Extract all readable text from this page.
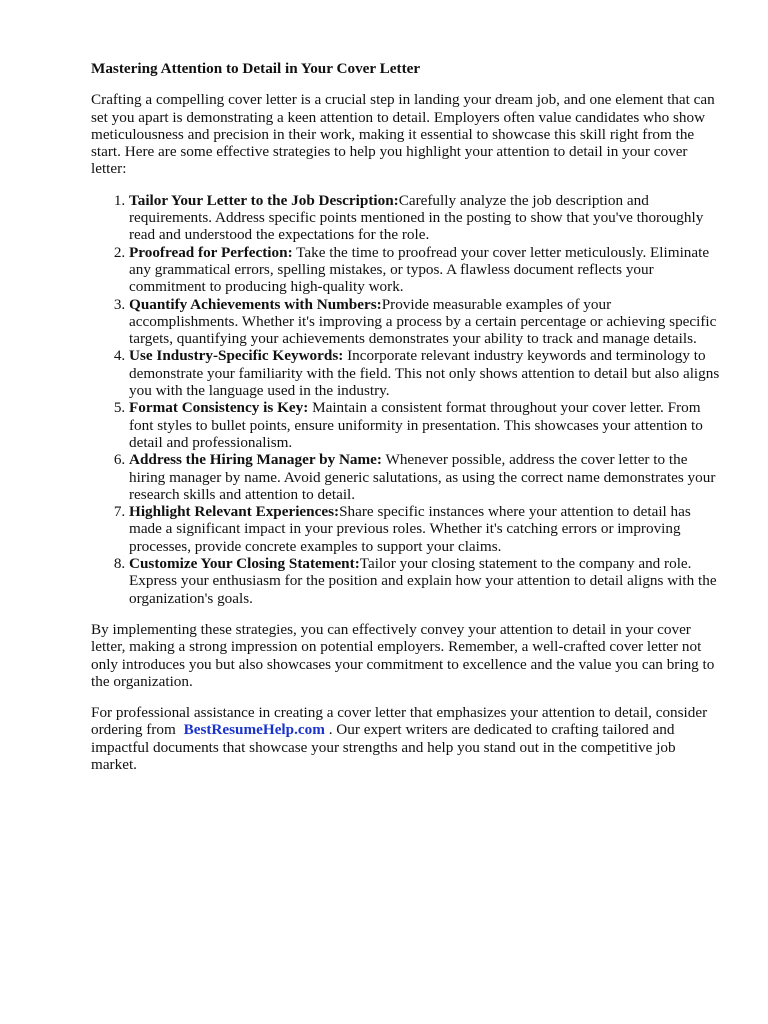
Mastering Attention to Detail in Your Cover Letter

Crafting a compelling cover letter is a crucial step in landing your dream job, and one element that can set you apart is demonstrating a keen attention to detail. Employers often value candidates who show meticulousness and precision in their work, making it essential to showcase this skill right from the start. Here are some effective strategies to help you highlight your attention to detail in your cover letter:

1. Tailor Your Letter to the Job Description:Carefully analyze the job description and requirements. Address specific points mentioned in the posting to show that you've thoroughly read and understood the expectations for the role.
2. Proofread for Perfection: Take the time to proofread your cover letter meticulously. Eliminate any grammatical errors, spelling mistakes, or typos. A flawless document reflects your commitment to producing high-quality work.
3. Quantify Achievements with Numbers:Provide measurable examples of your accomplishments. Whether it's improving a process by a certain percentage or achieving specific targets, quantifying your achievements demonstrates your ability to track and manage details.
4. Use Industry-Specific Keywords: Incorporate relevant industry keywords and terminology to demonstrate your familiarity with the field. This not only shows attention to detail but also aligns you with the language used in the industry.
5. Format Consistency is Key: Maintain a consistent format throughout your cover letter. From font styles to bullet points, ensure uniformity in presentation. This showcases your attention to detail and professionalism.
6. Address the Hiring Manager by Name: Whenever possible, address the cover letter to the hiring manager by name. Avoid generic salutations, as using the correct name demonstrates your research skills and attention to detail.
7. Highlight Relevant Experiences:Share specific instances where your attention to detail has made a significant impact in your previous roles. Whether it's catching errors or improving processes, provide concrete examples to support your claims.
8. Customize Your Closing Statement:Tailor your closing statement to the company and role. Express your enthusiasm for the position and explain how your attention to detail aligns with the organization's goals.

By implementing these strategies, you can effectively convey your attention to detail in your cover letter, making a strong impression on potential employers. Remember, a well-crafted cover letter not only introduces you but also showcases your commitment to excellence and the value you can bring to the organization.

For professional assistance in creating a cover letter that emphasizes your attention to detail, consider ordering from BestResumeHelp.com . Our expert writers are dedicated to crafting tailored and impactful documents that showcase your strengths and help you stand out in the competitive job market.
